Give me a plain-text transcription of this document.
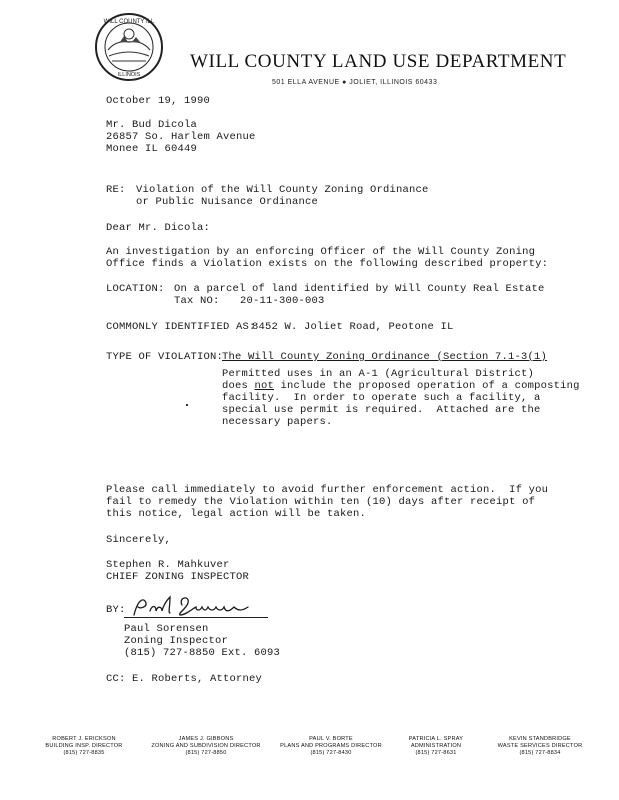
WILL COUNTY ILL
ILLINOIS
WILL COUNTY LAND USE DEPARTMENT
501 ELLA AVENUE ● JOLIET, ILLINOIS 60433
October 19, 1990
Mr. Bud Dicola
26857 So. Harlem Avenue
Monee IL 60449
RE: Violation of the Will County Zoning Ordinance
or Public Nuisance Ordinance
Dear Mr. Dicola:
An investigation by an enforcing Officer of the Will County Zoning
Office finds a Violation exists on the following described property:
LOCATION: On a parcel of land identified by Will County Real Estate
Tax NO: 20-11-300-003
COMMONLY IDENTIFIED AS:
8452 W. Joliet Road, Peotone IL
TYPE OF VIOLATION:
The Will County Zoning Ordinance (Section 7.1-3(1)
Permitted uses in an A-1 (Agricultural District)
does not include the proposed operation of a composting
facility.  In order to operate such a facility, a
special use permit is required.  Attached are the
necessary papers.
Please call immediately to avoid further enforcement action.  If you
fail to remedy the Violation within ten (10) days after receipt of
this notice, legal action will be taken.
Sincerely,
Stephen R. Mahkuver
CHIEF ZONING INSPECTOR
BY:
Paul Sorensen
Zoning Inspector
(815) 727-8850 Ext. 6093
CC: E. Roberts, Attorney
ROBERT J. ERICKSON
BUILDING INSP. DIRECTOR
(815) 727-8835
JAMES J. GIBBONS
ZONING AND SUBDIVISION DIRECTOR
(815) 727-8850
PAUL V. BORTE
PLANS AND PROGRAMS DIRECTOR
(815) 727-8430
PATRICIA L. SPRAY
ADMINISTRATION
(815) 727-8631
KEVIN STANDBRIDGE
WASTE SERVICES DIRECTOR
(815) 727-8834
